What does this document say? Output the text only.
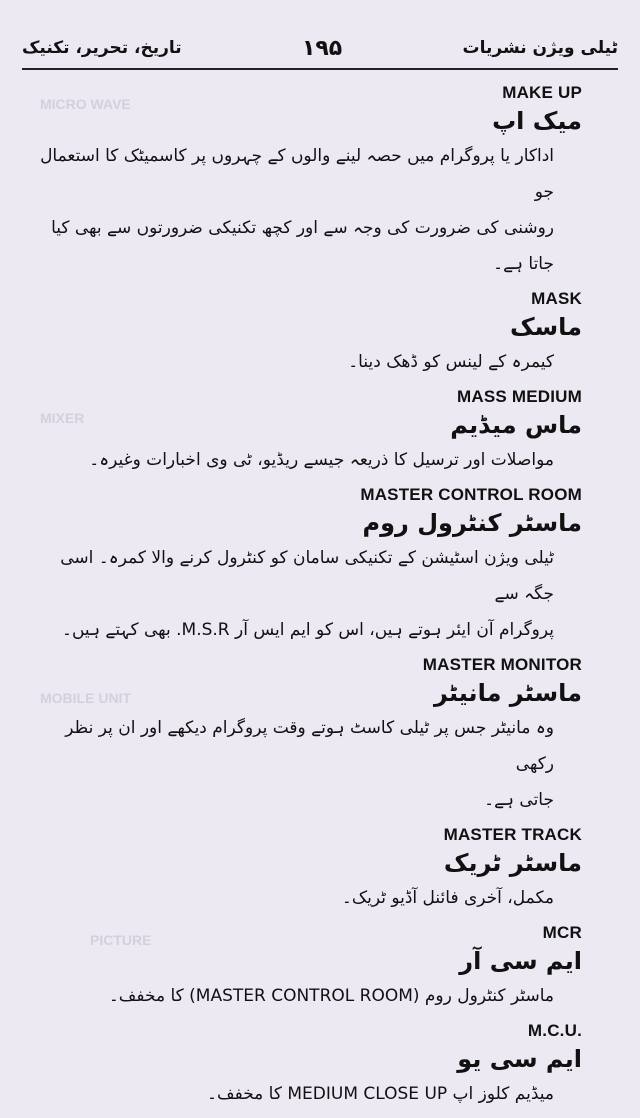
MICRO WAVE
MIXER
MOBILE UNIT
PICTURE
تاریخ، تحریر، تکنیک	۱۹۵	ٹیلی ویژن نشریات
MAKE UP
میک اپ
اداکار یا پروگرام میں حصہ لینے والوں کے چہروں پر کاسمیٹک کا استعمال جو
روشنی کی ضرورت کی وجہ سے اور کچھ تکنیکی ضرورتوں سے بھی کیا جاتا ہے۔
MASK
ماسک
کیمرہ کے لینس کو ڈھک دینا۔
MASS MEDIUM
ماس میڈیم
مواصلات اور ترسیل کا ذریعہ جیسے ریڈیو، ٹی وی اخبارات وغیرہ۔
MASTER CONTROL ROOM
ماسٹر کنٹرول روم
ٹیلی ویژن اسٹیشن کے تکنیکی سامان کو کنٹرول کرنے والا کمرہ۔ اسی جگہ سے
پروگرام آن ایئر ہوتے ہیں، اس کو ایم ایس آر M.S.R. بھی کہتے ہیں۔
MASTER MONITOR
ماسٹر مانیٹر
وہ مانیٹر جس پر ٹیلی کاسٹ ہوتے وقت پروگرام دیکھے اور ان پر نظر رکھی
جاتی ہے۔
MASTER TRACK
ماسٹر ٹریک
مکمل، آخری فائنل آڈیو ٹریک۔
MCR
ایم سی آر
ماسٹر کنٹرول روم (MASTER CONTROL ROOM) کا مخفف۔
M.C.U.
ایم سی یو
میڈیم کلوز اپ MEDIUM CLOSE UP کا مخفف۔
